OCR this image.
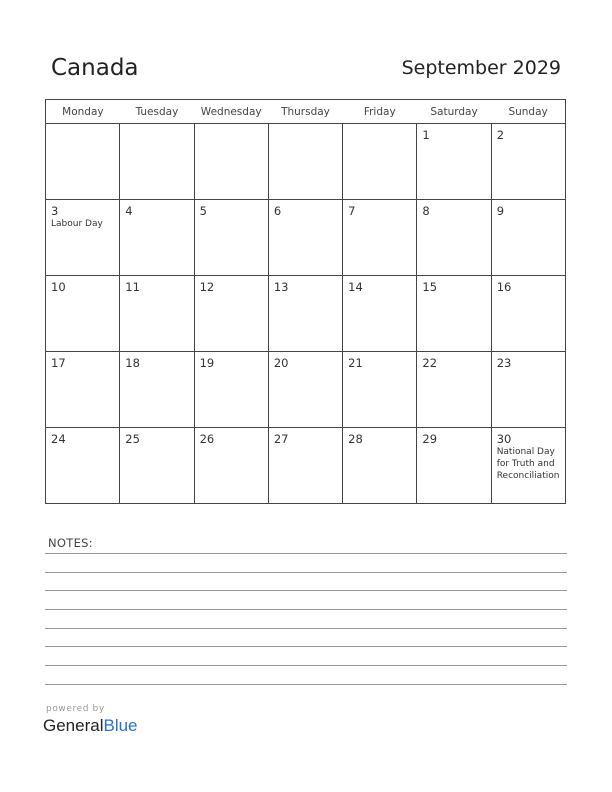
Canada	September 2029
Monday	Tuesday	Wednesday	Thursday	Friday	Saturday	Sunday

					1	2

3
Labour Day	4	5	6	7	8	9

10	11	12	13	14	15	16

17	18	19	20	21	22	23

24	25	26	27	28	29	30
National Day for Truth and Reconciliation
NOTES:
powered by
GeneralBlue
